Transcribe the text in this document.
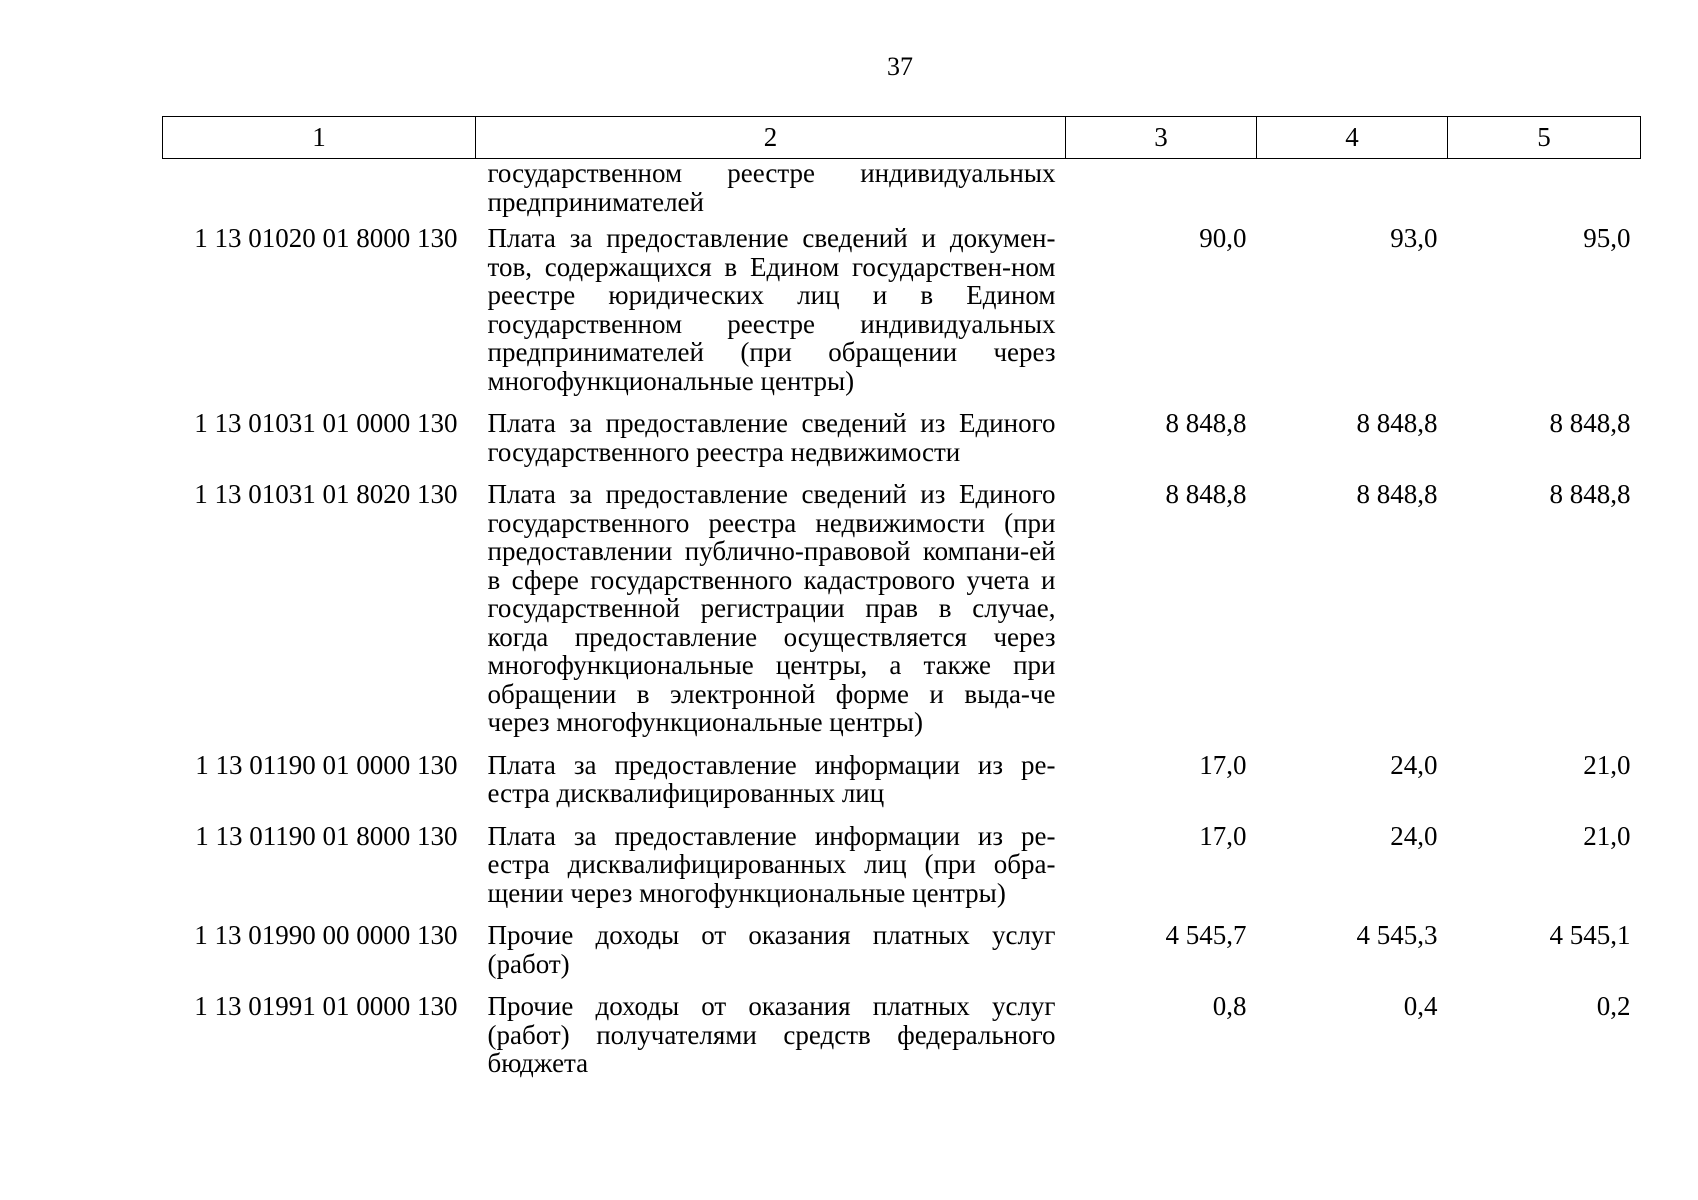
37
1	2	3	4	5
	государственном реестре индивидуальных предпринимателей			
1 13 01020 01 8000 130	Плата за предоставление сведений и докумен-тов, содержащихся в Едином государствен-ном реестре юридических лиц и в Едином государственном реестре индивидуальных предпринимателей (при обращении через многофункциональные центры)	90,0	93,0	95,0
1 13 01031 01 0000 130	Плата за предоставление сведений из Единого государственного реестра недвижимости	8 848,8	8 848,8	8 848,8
1 13 01031 01 8020 130	Плата за предоставление сведений из Единого государственного реестра недвижимости (при предоставлении публично-правовой компани-ей в сфере государственного кадастрового учета и государственной регистрации прав в случае, когда предоставление осуществляется через многофункциональные центры, а также при обращении в электронной форме и выда-че через многофункциональные центры)	8 848,8	8 848,8	8 848,8
1 13 01190 01 0000 130	Плата за предоставление информации из ре-естра дисквалифицированных лиц	17,0	24,0	21,0
1 13 01190 01 8000 130	Плата за предоставление информации из ре-естра дисквалифицированных лиц (при обра-щении через многофункциональные центры)	17,0	24,0	21,0
1 13 01990 00 0000 130	Прочие доходы от оказания платных услуг (работ)	4 545,7	4 545,3	4 545,1
1 13 01991 01 0000 130	Прочие доходы от оказания платных услуг (работ) получателями средств федерального бюджета	0,8	0,4	0,2
